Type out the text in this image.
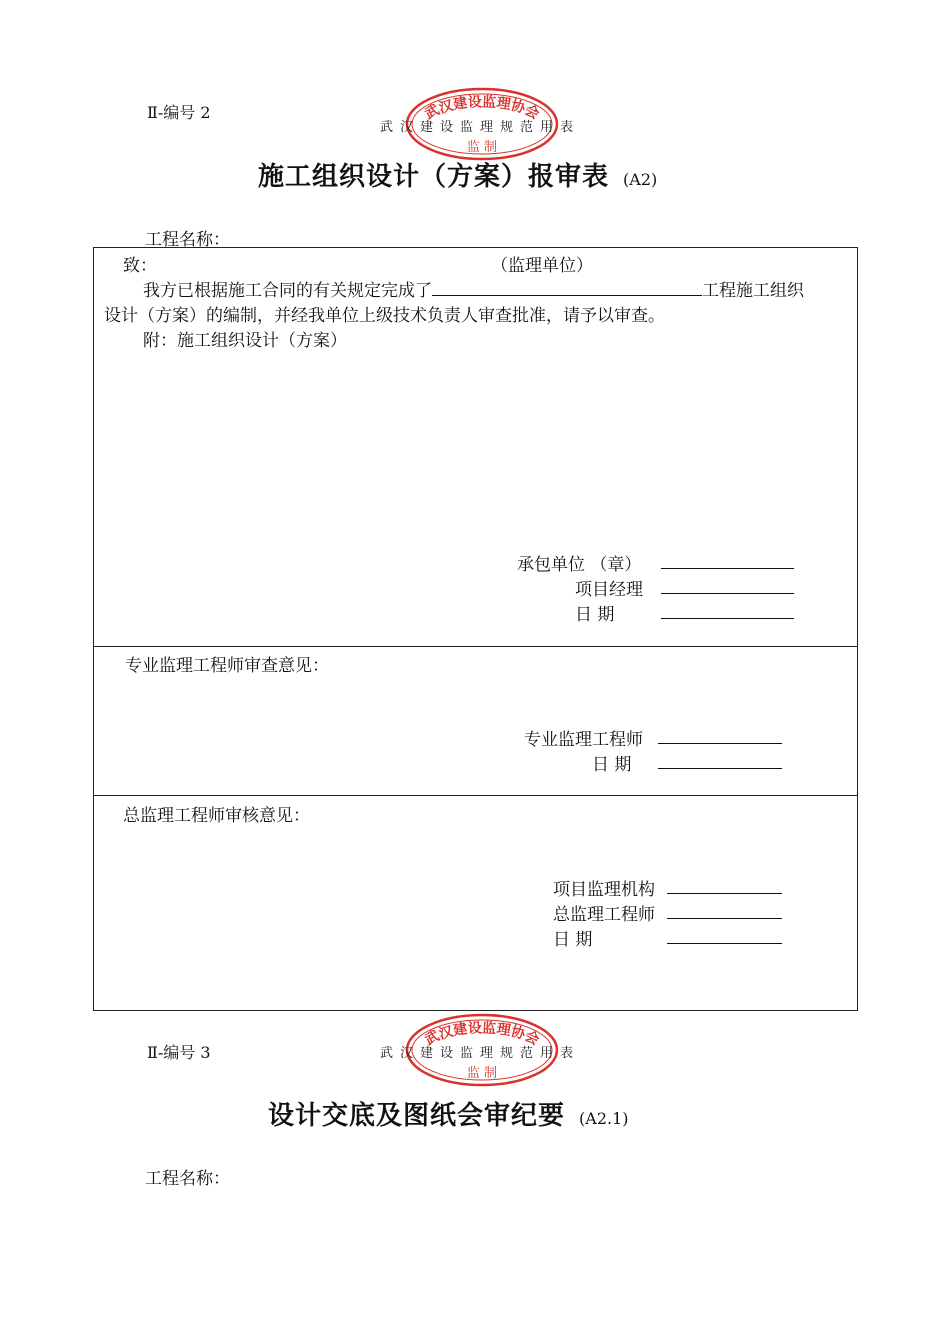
Ⅱ-编号 2	武汉建设监理协会
监 制
武汉建设监理规范用表
施工组织设计（方案）报审表 (A2)
工程名称：
致：	（监理单位）
我方已根据施工合同的有关规定完成了	工程施工组织
设计（方案）的编制，并经我单位上级技术负责人审查批准，请予以审查。
附：施工组织设计（方案）
承包单位 （章）
项目经理
日 期
专业监理工程师审查意见：
专业监理工程师
日 期
总监理工程师审核意见：
项目监理机构
总监理工程师
日 期
Ⅱ-编号 3
武汉建设监理协会
监 制
武汉建设监理规范用表
设计交底及图纸会审纪要 (A2.1)
工程名称：
